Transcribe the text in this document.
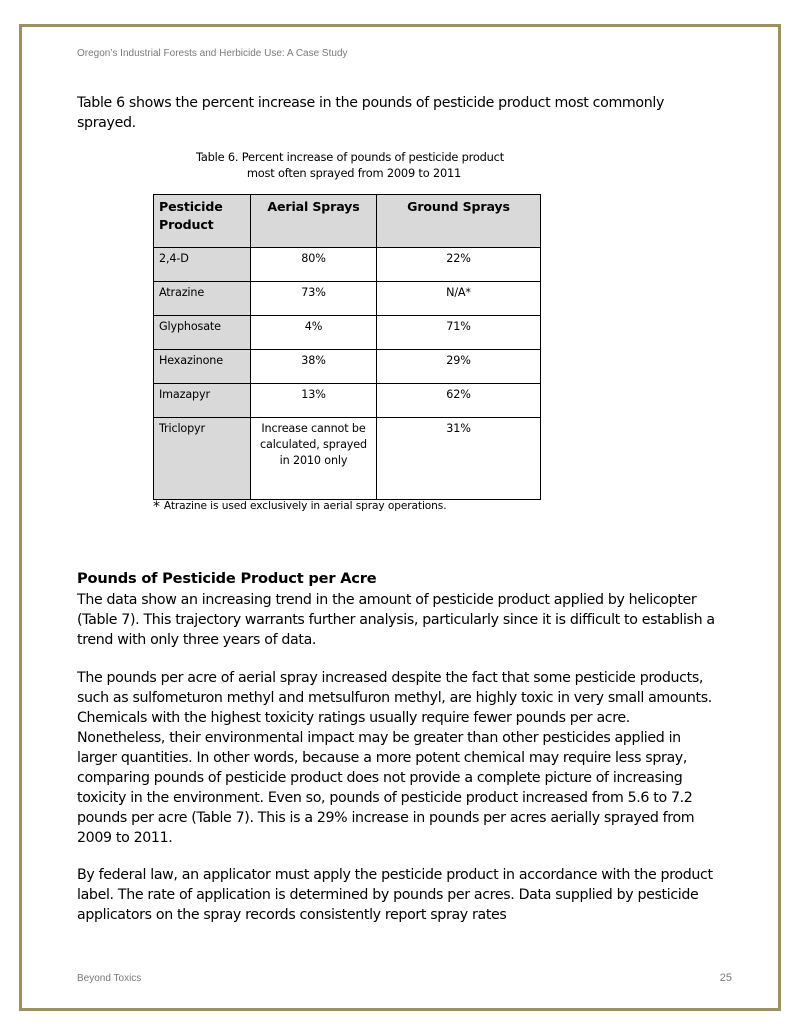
Oregon’s Industrial Forests and Herbicide Use: A Case Study

Table 6 shows the percent increase in the pounds of pesticide product most commonly sprayed.

Table 6. Percent increase of pounds of pesticide product
most often sprayed from 2009 to 2011
Pesticide Product	Aerial Sprays	Ground Sprays
2,4-D	80%	22%
Atrazine	73%	N/A*
Glyphosate	4%	71%
Hexazinone	38%	29%
Imazapyr	13%	62%
Triclopyr	Increase cannot be calculated, sprayed in 2010 only	31%
* Atrazine is used exclusively in aerial spray operations.
Pounds of Pesticide Product per Acre

The data show an increasing trend in the amount of pesticide product applied by helicopter (Table 7). This trajectory warrants further analysis, particularly since it is difficult to establish a trend with only three years of data.

The pounds per acre of aerial spray increased despite the fact that some pesticide products, such as sulfometuron methyl and metsulfuron methyl, are highly toxic in very small amounts. Chemicals with the highest toxicity ratings usually require fewer pounds per acre. Nonetheless, their environmental impact may be greater than other pesticides applied in larger quantities. In other words, because a more potent chemical may require less spray, comparing pounds of pesticide product does not provide a complete picture of increasing toxicity in the environment. Even so, pounds of pesticide product increased from 5.6 to 7.2 pounds per acre (Table 7). This is a 29% increase in pounds per acres aerially sprayed from 2009 to 2011.

By federal law, an applicator must apply the pesticide product in accordance with the product label. The rate of application is determined by pounds per acres. Data supplied by pesticide applicators on the spray records consistently report spray rates

Beyond Toxics	25
